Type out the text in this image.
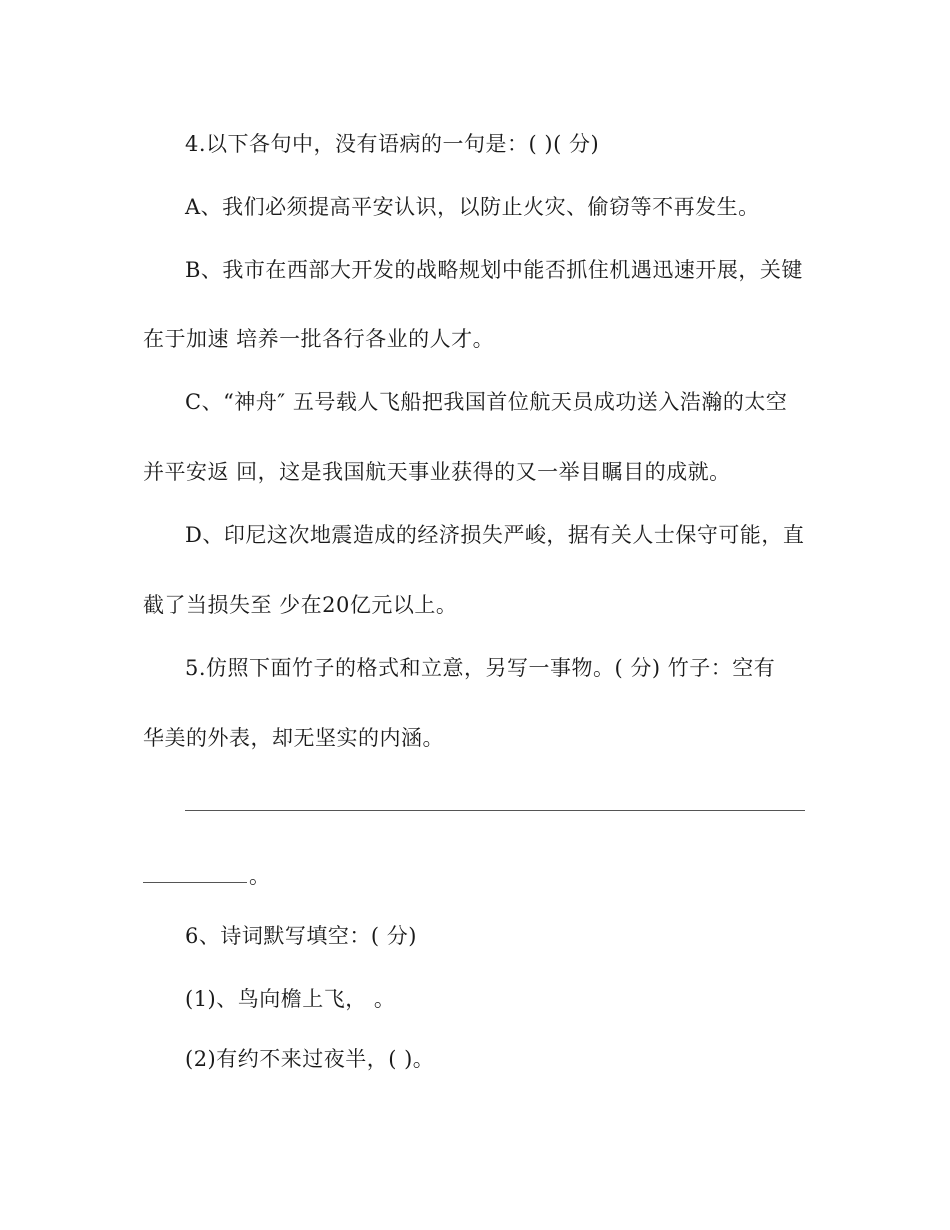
4.以下各句中，没有语病的一句是：( )( 分)
A、我们必须提高平安认识，以防止火灾、偷窃等不再发生。
B、我市在西部大开发的战略规划中能否抓住机遇迅速开展，关键
在于加速 培养一批各行各业的人才。
C、“神舟″ 五号载人飞船把我国首位航天员成功送入浩瀚的太空
并平安返 回，这是我国航天事业获得的又一举目瞩目的成就。
D、印尼这次地震造成的经济损失严峻，据有关人士保守可能，直
截了当损失至 少在20亿元以上。
5.仿照下面竹子的格式和立意，另写一事物。( 分) 竹子：空有
华美的外表，却无坚实的内涵。
。
6、诗词默写填空：( 分)
(1)、鸟向檐上飞， 。
(2)有约不来过夜半，( )。
